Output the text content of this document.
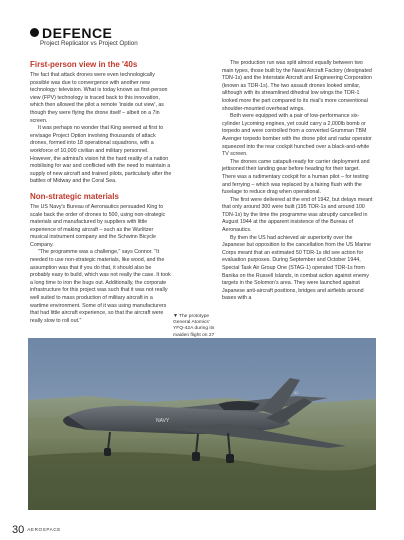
DEFENCE
Project Replicator vs Project Option
First-person view in the '40s

The fact that attack drones were even technologically possible was due to convergence with another new technology: television. What is today known as first-person view (FPV) technology is traced back to this innovation, which then allowed the pilot a remote 'inside out view', as though they were flying the drone itself – albeit on a 7in screen.

It was perhaps no wonder that King seemed at first to envisage Project Option involving thousands of attack drones, formed into 18 operational squadrons, with a workforce of 10,000 civilian and military personnel. However, the admiral's vision hit the hard reality of a nation mobilising for war and conflicted with the need to maintain a supply of new aircraft and trained pilots, particularly after the battles of Midway and the Coral Sea.

Non-strategic materials

The US Navy's Bureau of Aeronautics persuaded King to scale back the order of drones to 500, using non-strategic materials and manufactured by suppliers with little experience of making aircraft – such as the Wurlitzer musical instrument company and the Schwinn Bicycle Company.

"The programme was a challenge," says Connor. "It needed to use non-strategic materials, like wood, and the assumption was that if you do that, it should also be probably easy to build, which was not really the case. It took a long time to iron the bugs out. Additionally, the corporate infrastructure for this project was such that it was not really well suited to mass production of military aircraft in a wartime environment. Some of it was using manufacturers that had little aircraft experience, so that the aircraft were really slow to roll out."

The production run was split almost equally between two main types, those built by the Naval Aircraft Factory (designated TDN-1s) and the Interstate Aircraft and Engineering Corporation (known as TDR-1s). The two assault drones looked similar, although with its streamlined dihedral low wings the TDR-1 looked more the part compared to its rival's more conventional shoulder-mounted overhead wings.

Both were equipped with a pair of low-performance six-cylinder Lycoming engines, yet could carry a 2,000lb bomb or torpedo and were controlled from a converted Grumman TBM Avenger torpedo bomber with the drone pilot and radar operator squeezed into the rear cockpit hunched over a black-and-white TV screen.

The drones came catapult-ready for carrier deployment and jettisoned their landing gear before heading for their target. There was a rudimentary cockpit for a human pilot – for testing and ferrying – which was replaced by a fairing flush with the fuselage to reduce drag when operational.

The first were delivered at the end of 1942, but delays meant that only around 300 were built (195 TDR-1s and around 100 TDN-1s) by the time the programme was abruptly cancelled in August 1944 at the apparent insistence of the Bureau of Aeronautics.

By then the US had achieved air superiority over the Japanese but opposition to the cancellation from the US Marine Corps meant that an estimated 50 TDR-1s did see action for evaluation purposes. During September and October 1944, Special Task Air Group One (STAG-1) operated TDR-1s from Banika on the Russell Islands, in combat action against enemy targets in the Solomon's area. They were launched against Japanese anti-aircraft positions, bridges and airfields around bases with a

▼The prototype General Atomics' YFQ-42A during its maiden flight on 27
NAVY
42
30 AEROSPACE
